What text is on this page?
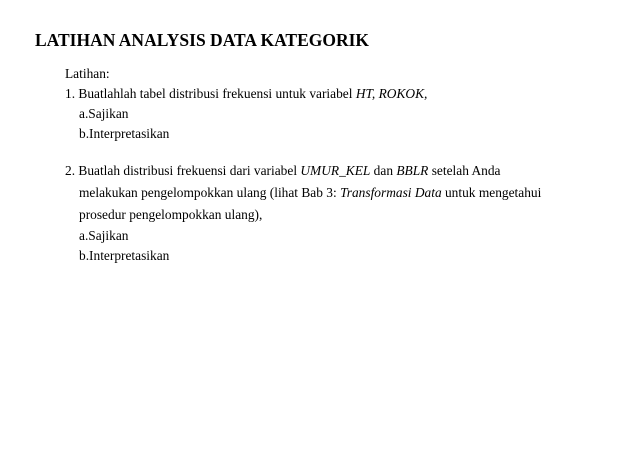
LATIHAN ANALYSIS DATA KATEGORIK
Latihan:
1. Buatlahlah tabel distribusi frekuensi untuk variabel HT, ROKOK,
a.Sajikan
b.Interpretasikan
2. Buatlah distribusi frekuensi dari variabel UMUR_KEL dan BBLR setelah Anda
melakukan pengelompokkan ulang (lihat Bab 3: Transformasi Data untuk mengetahui
prosedur pengelompokkan ulang),
a.Sajikan
b.Interpretasikan
